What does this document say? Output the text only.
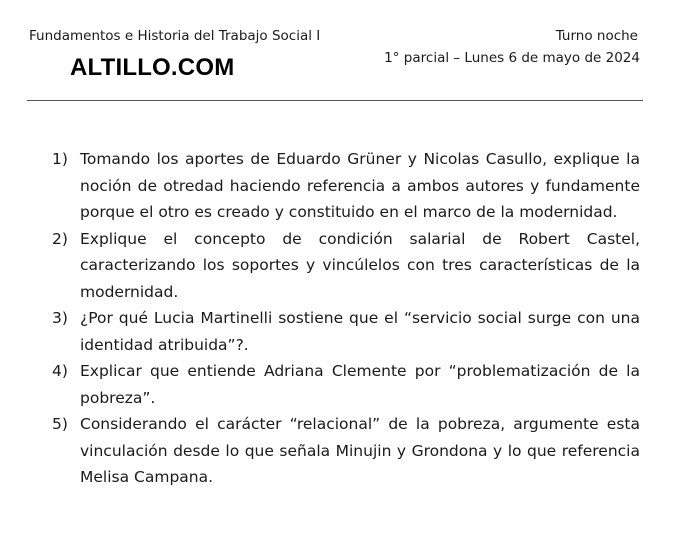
Fundamentos e Historia del Trabajo Social I
ALTILLO.COM
Turno noche
1° parcial – Lunes 6 de mayo de 2024
1) Tomando los aportes de Eduardo Grüner y Nicolas Casullo, explique la noción de otredad haciendo referencia a ambos autores y fundamente porque el otro es creado y constituido en el marco de la modernidad.
2) Explique el concepto de condición salarial de Robert Castel, caracterizando los soportes y vincúlelos con tres características de la modernidad.
3) ¿Por qué Lucia Martinelli sostiene que el “servicio social surge con una identidad atribuida”?.
4) Explicar que entiende Adriana Clemente por “problematización de la pobreza”.
5) Considerando el carácter “relacional” de la pobreza, argumente esta vinculación desde lo que señala Minujin y Grondona y lo que referencia Melisa Campana.
